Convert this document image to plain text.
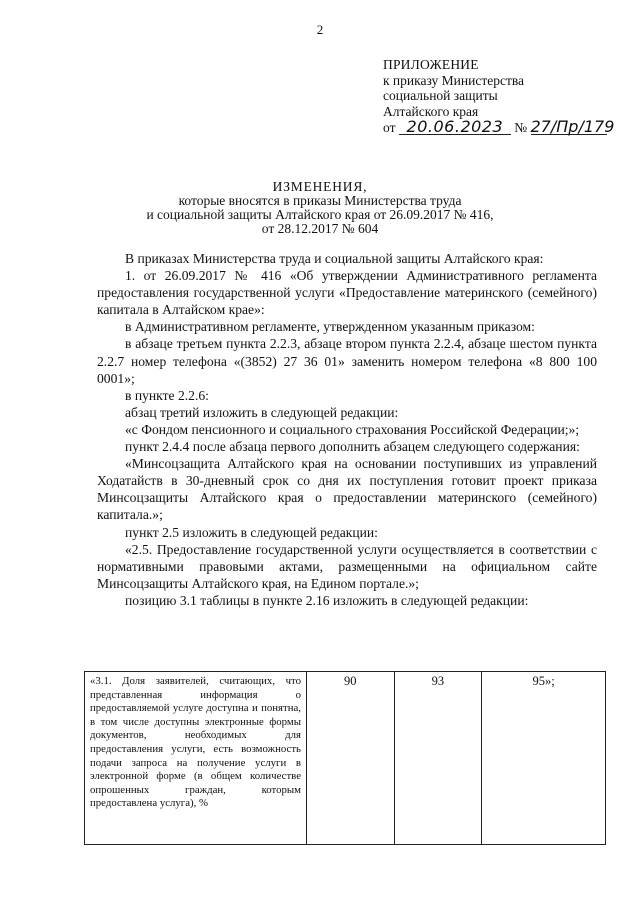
2
ПРИЛОЖЕНИЕ
к приказу Министерства
социальной защиты
Алтайского края
от 20.06.2023 № 27/Пр/179
ИЗМЕНЕНИЯ,
которые вносятся в приказы Министерства труда
и социальной защиты Алтайского края от 26.09.2017 № 416,
от 28.12.2017 № 604

В приказах Министерства труда и социальной защиты Алтайского края:

1. от 26.09.2017 № 416 «Об утверждении Административного регламента предоставления государственной услуги «Предоставление материнского (семейного) капитала в Алтайском крае»:

в Административном регламенте, утвержденном указанным приказом:

в абзаце третьем пункта 2.2.3, абзаце втором пункта 2.2.4, абзаце шестом пункта 2.2.7 номер телефона «(3852) 27 36 01» заменить номером телефона «8 800 100 0001»;

в пункте 2.2.6:

абзац третий изложить в следующей редакции:

«с Фондом пенсионного и социального страхования Российской Федерации;»;

пункт 2.4.4 после абзаца первого дополнить абзацем следующего содержания:

«Минсоцзащита Алтайского края на основании поступивших из управлений Ходатайств в 30-дневный срок со дня их поступления готовит проект приказа Минсоцзащиты Алтайского края о предоставлении материнского (семейного) капитала.»;

пункт 2.5 изложить в следующей редакции:

«2.5. Предоставление государственной услуги осуществляется в соответствии с нормативными правовыми актами, размещенными на официальном сайте Минсоцзащиты Алтайского края, на Едином портале.»;

позицию 3.1 таблицы в пункте 2.16 изложить в следующей редакции:

«3.1. Доля заявителей, считающих, что представленная информация о предоставляемой услуге доступна и понятна, в том числе доступны электронные формы документов, необходимых для предоставления услуги, есть возможность подачи запроса на получение услуги в электронной форме (в общем количестве опрошенных граждан, которым предоставлена услуга), %	90	93	95»;
